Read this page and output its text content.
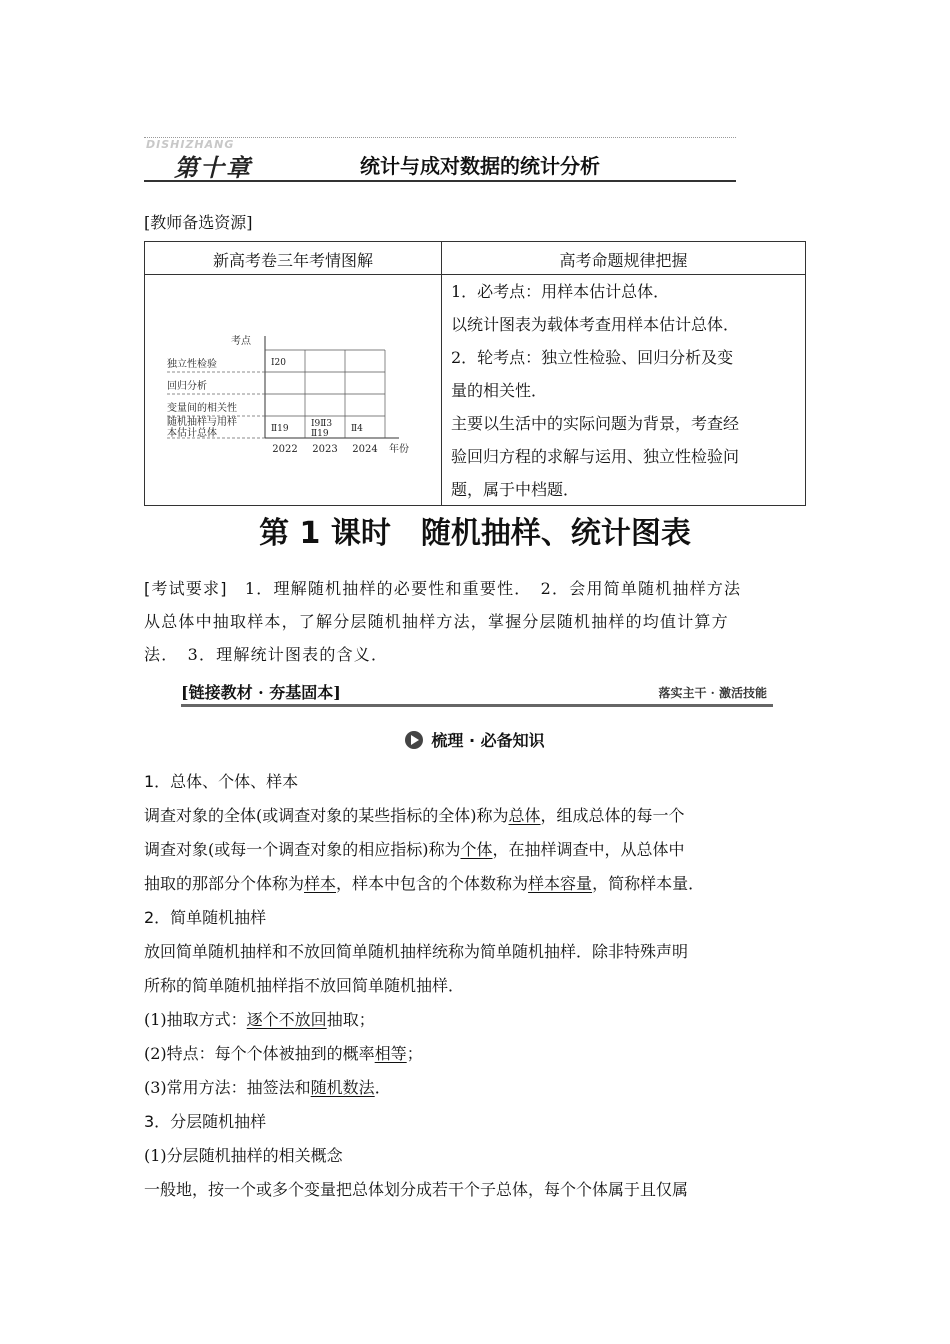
DISHIZHANG
第十章	统计与成对数据的统计分析
[教师备选资源]
新高考卷三年考情图解	高考命题规律把握
考点
年份
2022 2023 2024
独立性检验
回归分析
变量间的相关性
随机抽样与用样
本估计总体
Ⅰ20
Ⅱ19 Ⅰ9Ⅱ3
Ⅱ19 Ⅱ4
1．必考点：用样本估计总体．
以统计图表为载体考查用样本估计总体．
2．轮考点：独立性检验、回归分析及变
量的相关性．
主要以生活中的实际问题为背景，考查经
验回归方程的求解与运用、独立性检验问
题，属于中档题．
第 1 课时　随机抽样、统计图表
[考试要求]　1．理解随机抽样的必要性和重要性．　2．会用简单随机抽样方法
从总体中抽取样本，了解分层随机抽样方法，掌握分层随机抽样的均值计算方
法．　3．理解统计图表的含义．
[链接教材 · 夯基固本]	落实主干 · 激活技能
梳理 · 必备知识
1．总体、个体、样本
调查对象的全体(或调查对象的某些指标的全体)称为总体，组成总体的每一个
调查对象(或每一个调查对象的相应指标)称为个体，在抽样调查中，从总体中
抽取的那部分个体称为样本，样本中包含的个体数称为样本容量，简称样本量．
2．简单随机抽样
放回简单随机抽样和不放回简单随机抽样统称为简单随机抽样．除非特殊声明
所称的简单随机抽样指不放回简单随机抽样．
(1)抽取方式：逐个不放回抽取；
(2)特点：每个个体被抽到的概率相等；
(3)常用方法：抽签法和随机数法．
3．分层随机抽样
(1)分层随机抽样的相关概念
一般地，按一个或多个变量把总体划分成若干个子总体，每个个体属于且仅属
